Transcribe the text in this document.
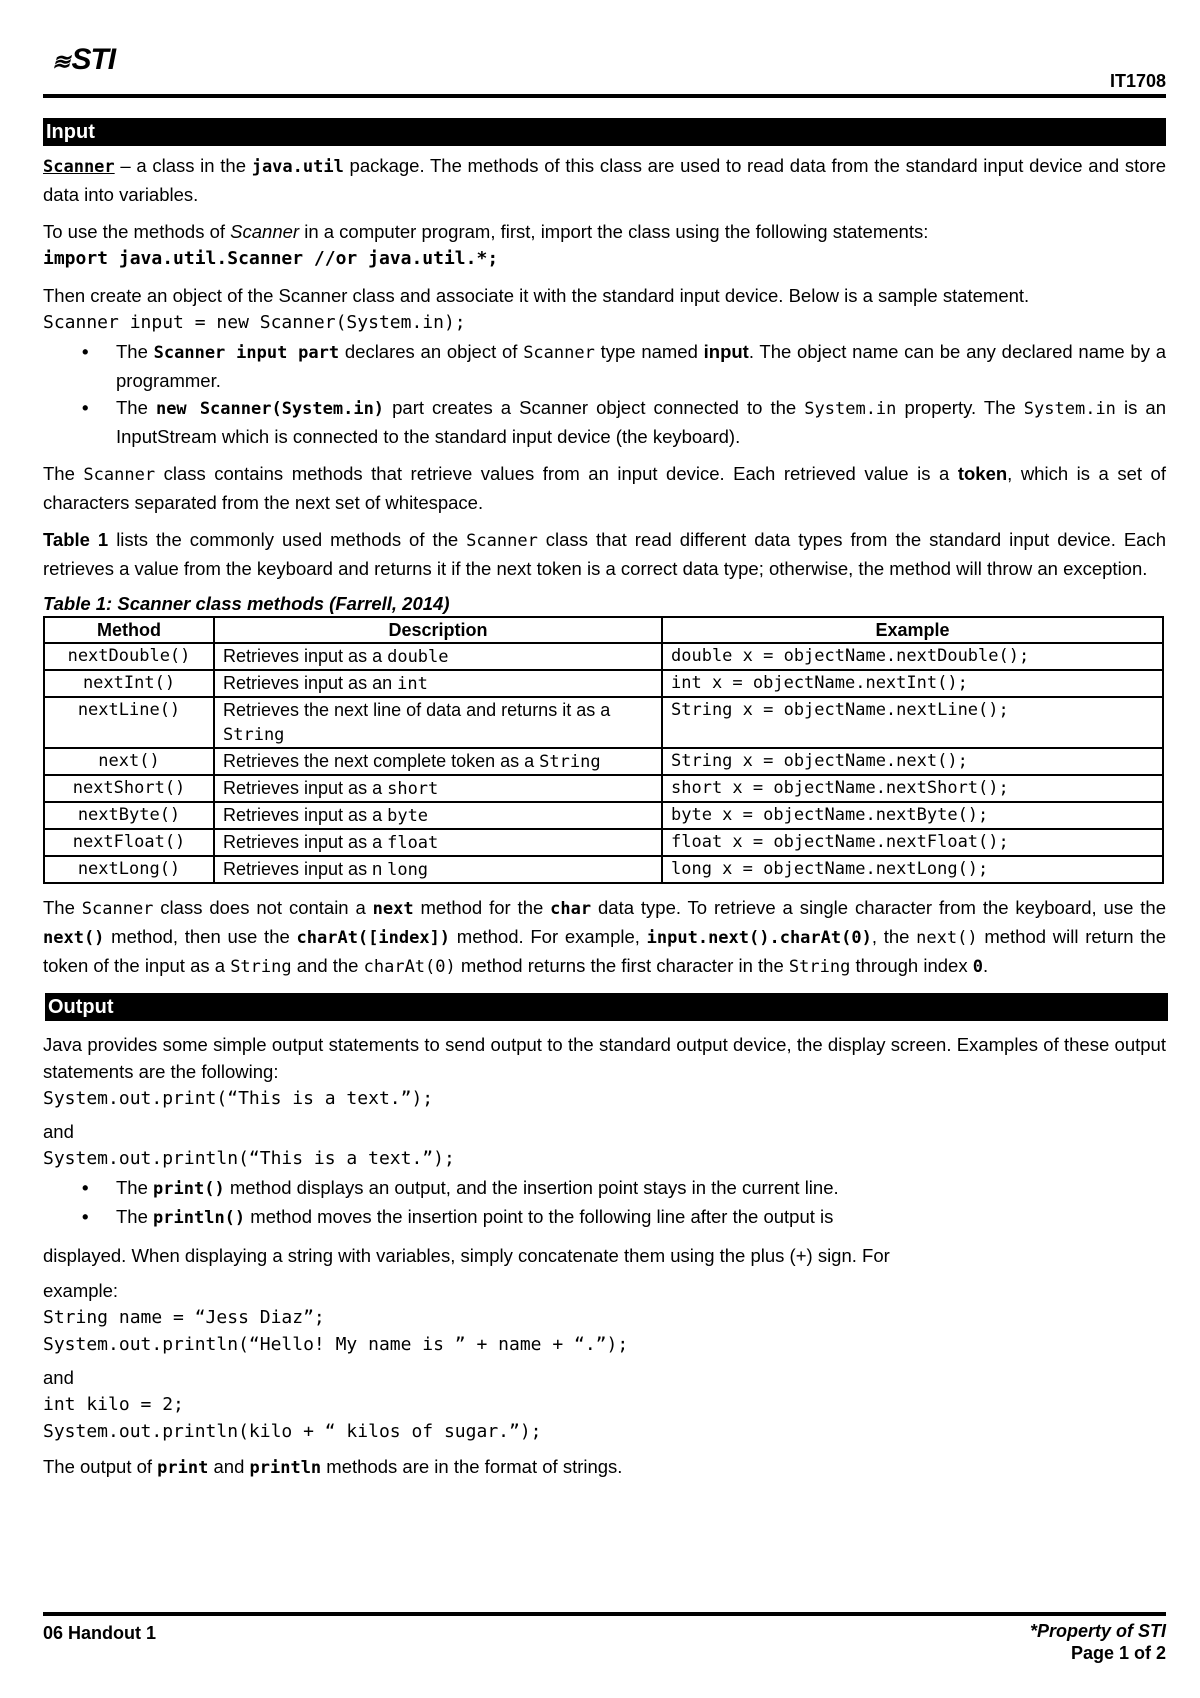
≋STI
IT1708
Input

Scanner – a class in the java.util package. The methods of this class are used to read data from the standard input device and store data into variables.

To use the methods of Scanner in a computer program, first, import the class using the following statements:

import java.util.Scanner //or java.util.*;

Then create an object of the Scanner class and associate it with the standard input device. Below is a sample statement.

Scanner input = new Scanner(System.in);
• The Scanner input part declares an object of Scanner type named input. The object name can be any declared name by a programmer.
• The new Scanner(System.in) part creates a Scanner object connected to the System.in property. The System.in is an InputStream which is connected to the standard input device (the keyboard).

The Scanner class contains methods that retrieve values from an input device. Each retrieved value is a token, which is a set of characters separated from the next set of whitespace.

Table 1 lists the commonly used methods of the Scanner class that read different data types from the standard input device. Each retrieves a value from the keyboard and returns it if the next token is a correct data type; otherwise, the method will throw an exception.

Table 1: Scanner class methods (Farrell, 2014)
Method	Description	Example
nextDouble()	Retrieves input as a double	double x = objectName.nextDouble();
nextInt()	Retrieves input as an int	int x = objectName.nextInt();
nextLine()	Retrieves the next line of data and returns it as a String	String x = objectName.nextLine();
next()	Retrieves the next complete token as a String	String x = objectName.next();
nextShort()	Retrieves input as a short	short x = objectName.nextShort();
nextByte()	Retrieves input as a byte	byte x = objectName.nextByte();
nextFloat()	Retrieves input as a float	float x = objectName.nextFloat();
nextLong()	Retrieves input as n long	long x = objectName.nextLong();

The Scanner class does not contain a next method for the char data type. To retrieve a single character from the keyboard, use the next() method, then use the charAt([index]) method. For example, input.next().charAt(0), the next() method will return the token of the input as a String and the charAt(0) method returns the first character in the String through index 0.

Output

Java provides some simple output statements to send output to the standard output device, the display screen. Examples of these output statements are the following:

System.out.print(“This is a text.”);

and

System.out.println(“This is a text.”);
• The print() method displays an output, and the insertion point stays in the current line.
• The println() method moves the insertion point to the following line after the output is

displayed. When displaying a string with variables, simply concatenate them using the plus (+) sign. For

example:

String name = “Jess Diaz”;
System.out.println(“Hello! My name is ” + name + “.”);

and

int kilo = 2;
System.out.println(kilo + “ kilos of sugar.”);

The output of print and println methods are in the format of strings.

06 Handout 1	*Property of STI
Page 1 of 2
